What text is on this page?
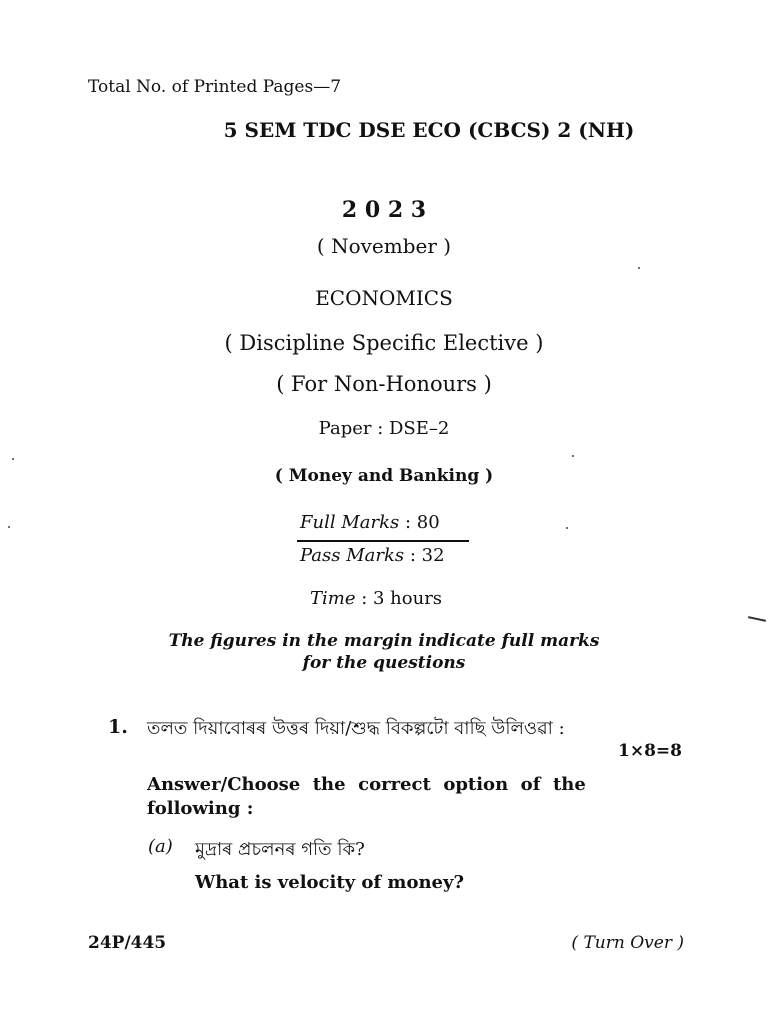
Total No. of Printed Pages—7
5 SEM TDC DSE ECO (CBCS) 2 (NH)
2 0 2 3
( November )
ECONOMICS
( Discipline Specific Elective )
( For Non-Honours )
Paper : DSE–2
( Money and Banking )
Full Marks : 80
Pass Marks : 32
Time : 3 hours
The figures in the margin indicate full marks
for the questions
1. তলত দিয়াবোৰৰ উত্তৰ দিয়া/শুদ্ধ বিকল্পটো বাছি উলিওৱা :
1×8=8
Answer/Choose  the  correct  option  of  the
following :
(a) মুদ্ৰাৰ প্ৰচলনৰ গতি কি?
What is velocity of money?
24P/445	( Turn Over )
